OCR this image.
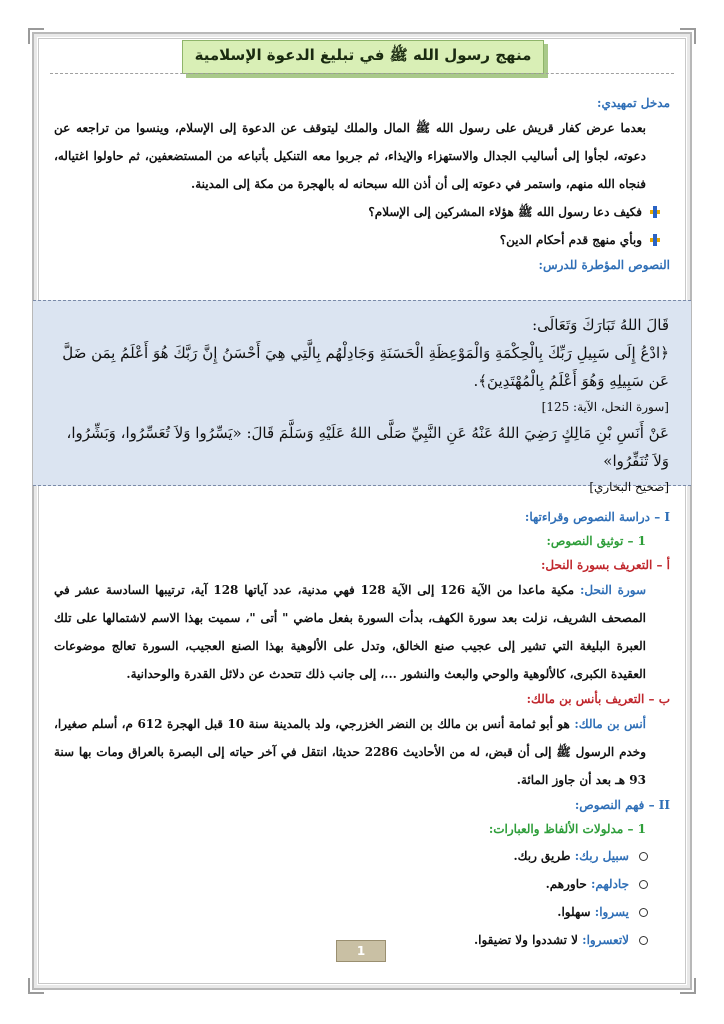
منهج رسول الله ﷺ في تبليغ الدعوة الإسلامية

مدخل تمهيدي:

بعدما عرض كفار قريش على رسول الله ﷺ المال والملك ليتوقف عن الدعوة إلى الإسلام، وينسوا من تراجعه عن دعوته، لجأوا إلى أساليب الجدال والاستهزاء والإيذاء، ثم جربوا معه التنكيل بأتباعه من المستضعفين، ثم حاولوا اغتياله، فنجاه الله منهم، واستمر في دعوته إلى أن أذن الله سبحانه له بالهجرة من مكة إلى المدينة.

فكيف دعا رسول الله ﷺ هؤلاء المشركين إلى الإسلام؟
وبأي منهج قدم أحكام الدين؟

النصوص المؤطرة للدرس:

قَالَ اللهُ تَبَارَكَ وَتَعَالَى:

﴿ادْعُ إِلَى سَبِيلِ رَبِّكَ بِالْحِكْمَةِ وَالْمَوْعِظَةِ الْحَسَنَةِ وَجَادِلْهُم بِالَّتِي هِيَ أَحْسَنُ إِنَّ رَبَّكَ هُوَ أَعْلَمُ بِمَن ضَلَّ عَن سَبِيلِهِ وَهُوَ أَعْلَمُ بِالْمُهْتَدِينَ﴾.

[سورة النحل، الآية: 125]

عَنْ أَنَسِ بْنِ مَالِكٍ رَضِيَ اللهُ عَنْهُ عَنِ النَّبِيِّ صَلَّى اللهُ عَلَيْهِ وَسَلَّمَ قَالَ: «يَسِّرُوا وَلاَ تُعَسِّرُوا، وَبَشِّرُوا، وَلاَ تُنَفِّرُوا»

[صحيح البخاري]

I – دراسة النصوص وقراءتها:

1 – توثيق النصوص:

أ – التعريف بسورة النحل:

سورة النحل: مكية ماعدا من الآية 126 إلى الآية 128 فهي مدنية، عدد آياتها 128 آية، ترتيبها السادسة عشر في المصحف الشريف، نزلت بعد سورة الكهف، بدأت السورة بفعل ماضي " أتى "، سميت بهذا الاسم لاشتمالها على تلك العبرة البليغة التي تشير إلى عجيب صنع الخالق، وتدل على الألوهية بهذا الصنع العجيب، السورة تعالج موضوعات العقيدة الكبرى، كالألوهية والوحي والبعث والنشور ...، إلى جانب ذلك تتحدث عن دلائل القدرة والوحدانية.

ب – التعريف بأنس بن مالك:

أنس بن مالك: هو أبو ثمامة أنس بن مالك بن النضر الخزرجي، ولد بالمدينة سنة 10 قبل الهجرة 612 م، أسلم صغيرا، وخدم الرسول ﷺ إلى أن قبض، له من الأحاديث 2286 حديثا، انتقل في آخر حياته إلى البصرة بالعراق ومات بها سنة 93 هـ بعد أن جاوز المائة.

II – فهم النصوص:

1 – مدلولات الألفاظ والعبارات:

سبيل ربك: طريق ربك.
جادلهم: حاورهم.
يسروا: سهلوا.
لاتعسروا: لا تشددوا ولا تضيقوا.
1
